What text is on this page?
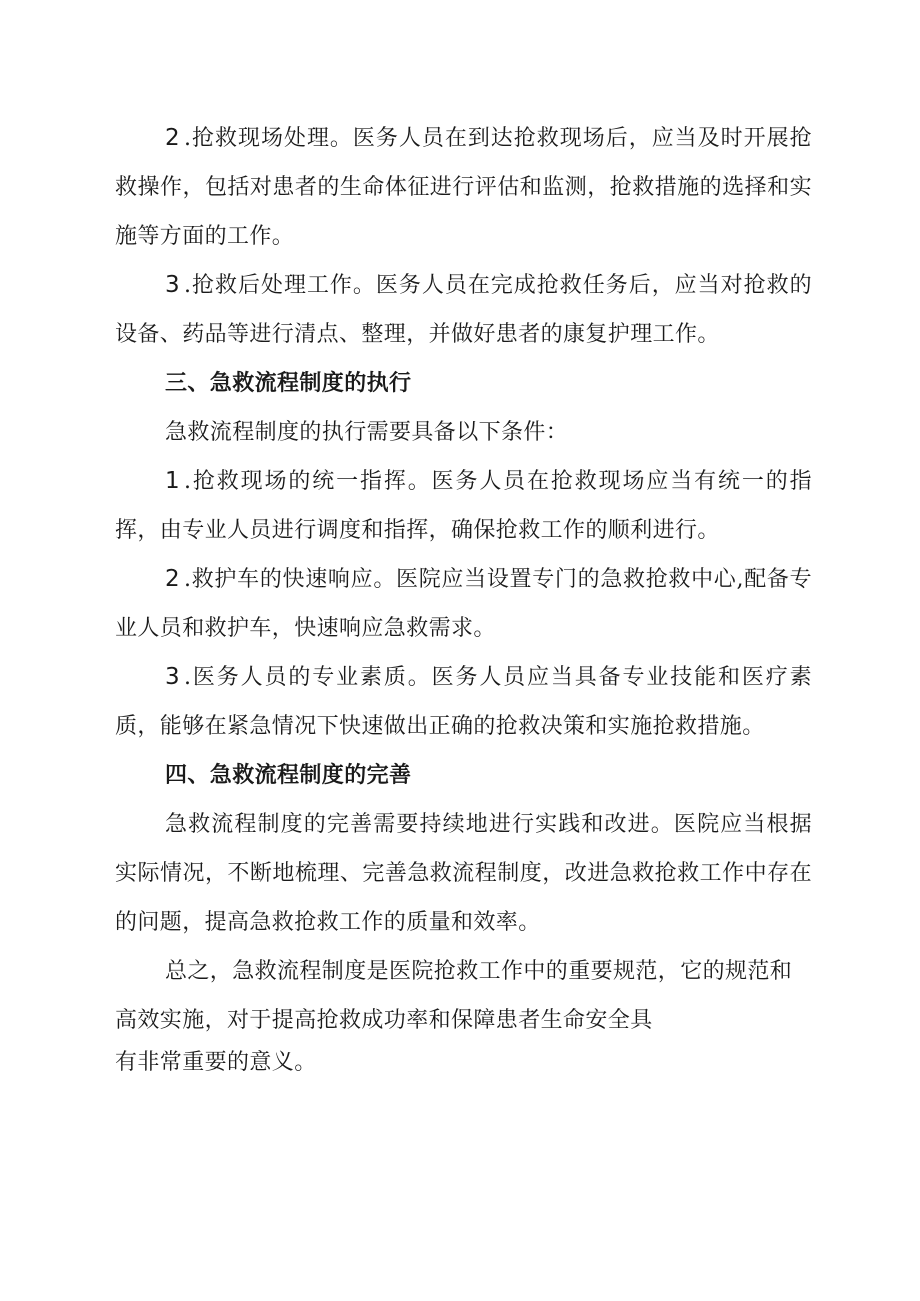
2 .抢救现场处理。医务人员在到达抢救现场后，应当及时开展抢救操作，包括对患者的生命体征进行评估和监测，抢救措施的选择和实施等方面的工作。

3 .抢救后处理工作。医务人员在完成抢救任务后，应当对抢救的设备、药品等进行清点、整理，并做好患者的康复护理工作。

三、急救流程制度的执行

急救流程制度的执行需要具备以下条件：

1 .抢救现场的统一指挥。医务人员在抢救现场应当有统一的指挥，由专业人员进行调度和指挥，确保抢救工作的顺利进行。

2 .救护车的快速响应。医院应当设置专门的急救抢救中心,配备专业人员和救护车，快速响应急救需求。

3 .医务人员的专业素质。医务人员应当具备专业技能和医疗素质，能够在紧急情况下快速做出正确的抢救决策和实施抢救措施。

四、急救流程制度的完善

急救流程制度的完善需要持续地进行实践和改进。医院应当根据实际情况，不断地梳理、完善急救流程制度，改进急救抢救工作中存在的问题，提高急救抢救工作的质量和效率。

总之，急救流程制度是医院抢救工作中的重要规范，它的规范和
高效实施，对于提高抢救成功率和保障患者生命安全具
有非常重要的意义。
